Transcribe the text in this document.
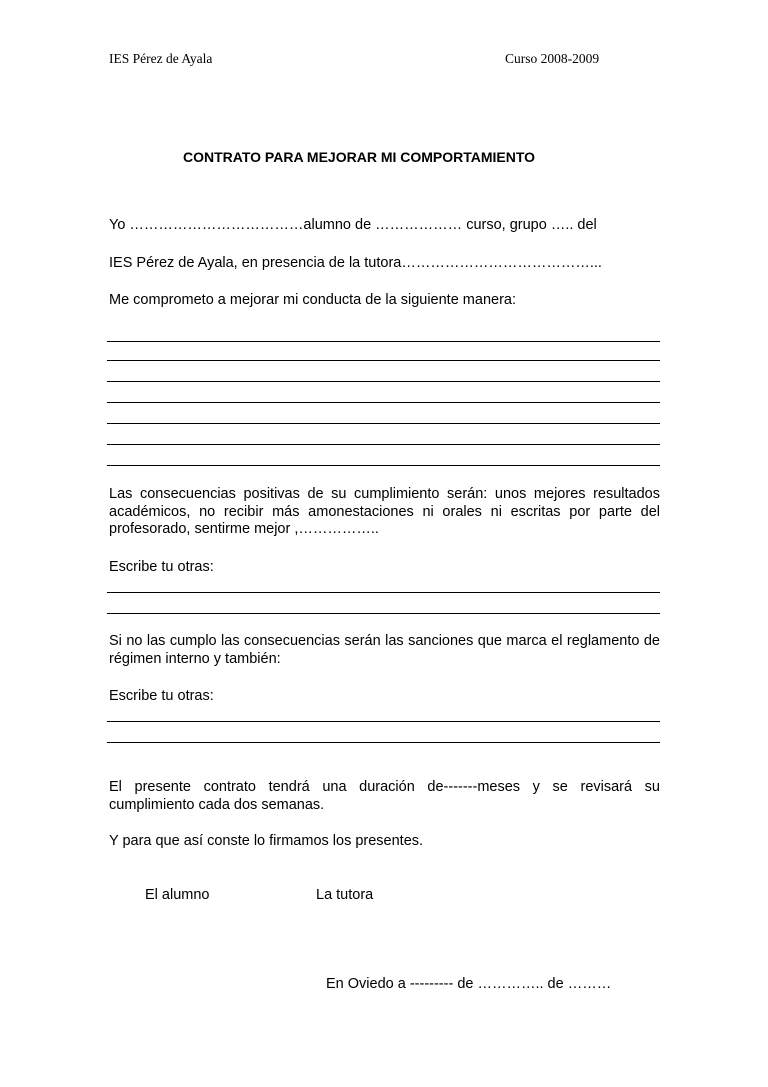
IES Pérez de Ayala	Curso 2008-2009
CONTRATO PARA MEJORAR MI COMPORTAMIENTO
Yo ………………………………alumno de ……………… curso, grupo ….. del
IES Pérez de Ayala, en presencia de la tutora…………………………………...
Me comprometo a mejorar mi conducta de la siguiente manera:
Las consecuencias positivas de su cumplimiento serán: unos mejores resultados académicos, no recibir más amonestaciones ni orales ni escritas por parte del profesorado, sentirme mejor ,……………..
Escribe tu otras:
Si no las cumplo las consecuencias serán las sanciones que marca el reglamento de régimen interno y también:
Escribe tu otras:
El presente contrato tendrá una duración de-------meses y se revisará su cumplimiento cada dos semanas.
Y para que así conste lo firmamos los presentes.
El alumno	La tutora
En Oviedo a --------- de ………….. de ………
